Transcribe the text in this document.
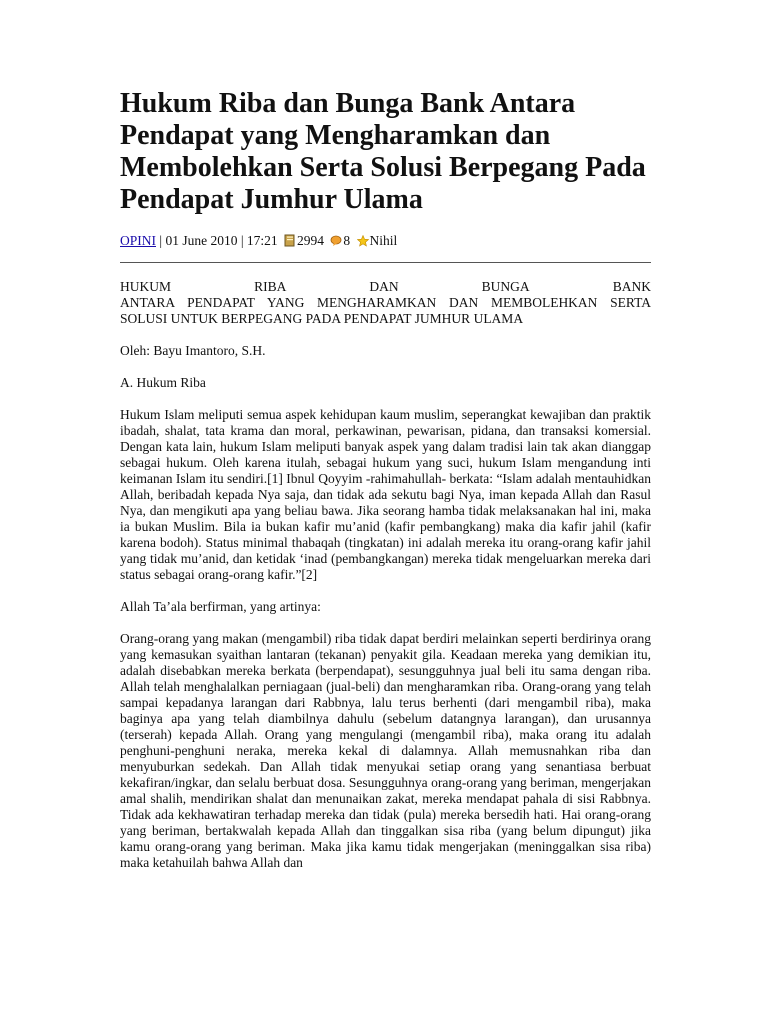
Hukum Riba dan Bunga Bank Antara Pendapat yang Mengharamkan dan Membolehkan Serta Solusi Berpegang Pada Pendapat Jumhur Ulama
OPINI | 01 June 2010 | 17:21 2994 8 Nihil

HUKUM	RIBA	DAN	BUNGA	BANK
ANTARA PENDAPAT YANG MENGHARAMKAN DAN MEMBOLEHKAN SERTA
SOLUSI UNTUK BERPEGANG PADA PENDAPAT JUMHUR ULAMA

Oleh: Bayu Imantoro, S.H.

A. Hukum Riba

Hukum Islam meliputi semua aspek kehidupan kaum muslim, seperangkat kewajiban dan praktik ibadah, shalat, tata krama dan moral, perkawinan, pewarisan, pidana, dan transaksi komersial. Dengan kata lain, hukum Islam meliputi banyak aspek yang dalam tradisi lain tak akan dianggap sebagai hukum. Oleh karena itulah, sebagai hukum yang suci, hukum Islam mengandung inti keimanan Islam itu sendiri.[1] Ibnul Qoyyim -rahimahullah- berkata: “Islam adalah mentauhidkan Allah, beribadah kepada Nya saja, dan tidak ada sekutu bagi Nya, iman kepada Allah dan Rasul Nya, dan mengikuti apa yang beliau bawa. Jika seorang hamba tidak melaksanakan hal ini, maka ia bukan Muslim. Bila ia bukan kafir mu’anid (kafir pembangkang) maka dia kafir jahil (kafir karena bodoh). Status minimal thabaqah (tingkatan) ini adalah mereka itu orang-orang kafir jahil yang tidak mu’anid, dan ketidak ‘inad (pembangkangan) mereka tidak mengeluarkan mereka dari status sebagai orang-orang kafir.”[2]

Allah Ta’ala berfirman, yang artinya:

Orang-orang yang makan (mengambil) riba tidak dapat berdiri melainkan seperti berdirinya orang yang kemasukan syaithan lantaran (tekanan) penyakit gila. Keadaan mereka yang demikian itu, adalah disebabkan mereka berkata (berpendapat), sesungguhnya jual beli itu sama dengan riba. Allah telah menghalalkan perniagaan (jual-beli) dan mengharamkan riba. Orang-orang yang telah sampai kepadanya larangan dari Rabbnya, lalu terus berhenti (dari mengambil riba), maka baginya apa yang telah diambilnya dahulu (sebelum datangnya larangan), dan urusannya (terserah) kepada Allah. Orang yang mengulangi (mengambil riba), maka orang itu adalah penghuni-penghuni neraka, mereka kekal di dalamnya. Allah memusnahkan riba dan menyuburkan sedekah. Dan Allah tidak menyukai setiap orang yang senantiasa berbuat kekafiran/ingkar, dan selalu berbuat dosa. Sesungguhnya orang-orang yang beriman, mengerjakan amal shalih, mendirikan shalat dan menunaikan zakat, mereka mendapat pahala di sisi Rabbnya. Tidak ada kekhawatiran terhadap mereka dan tidak (pula) mereka bersedih hati. Hai orang-orang yang beriman, bertakwalah kepada Allah dan tinggalkan sisa riba (yang belum dipungut) jika kamu orang-orang yang beriman. Maka jika kamu tidak mengerjakan (meninggalkan sisa riba) maka ketahuilah bahwa Allah dan
